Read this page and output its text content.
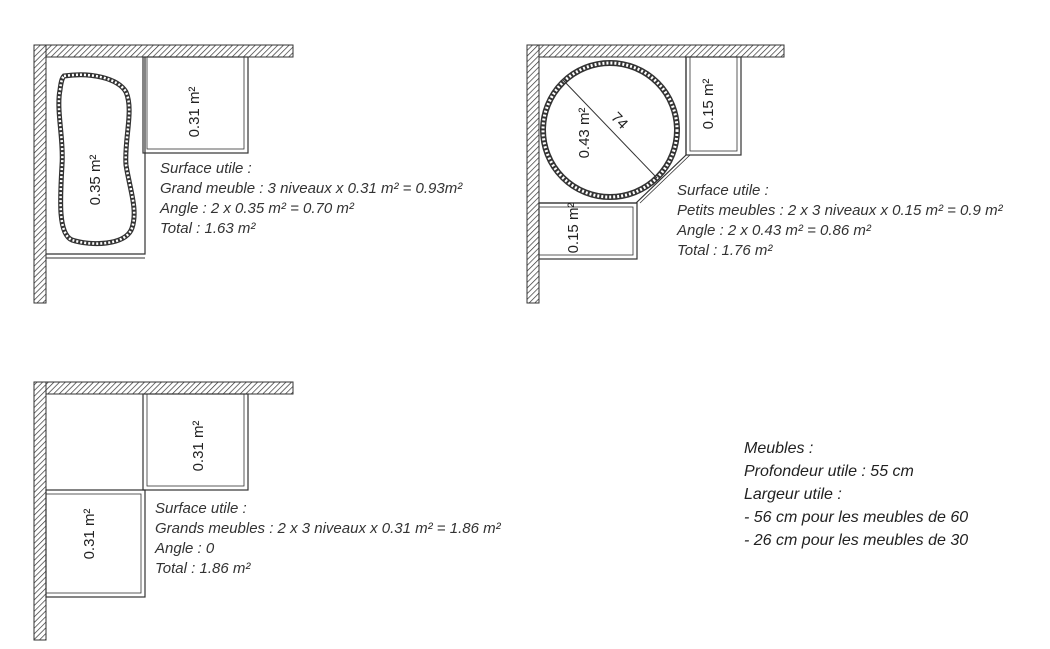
0.31 m²
0.35 m²
74
0.43 m²
0.15 m²
0.15 m²
0.31 m²
0.31 m²
Surface utile :
Grand meuble : 3 niveaux x 0.31 m² = 0.93m²
Angle : 2 x 0.35 m² = 0.70 m²
Total : 1.63 m²
Surface utile :
Petits meubles : 2 x 3 niveaux x 0.15 m² = 0.9 m²
Angle : 2 x 0.43 m² = 0.86 m²
Total : 1.76 m²
Surface utile :
Grands meubles : 2 x 3 niveaux x 0.31 m² = 1.86 m²
Angle : 0
Total : 1.86 m²
Meubles :
Profondeur utile : 55 cm
Largeur utile :
- 56 cm pour les meubles de 60
- 26 cm pour les meubles de 30
